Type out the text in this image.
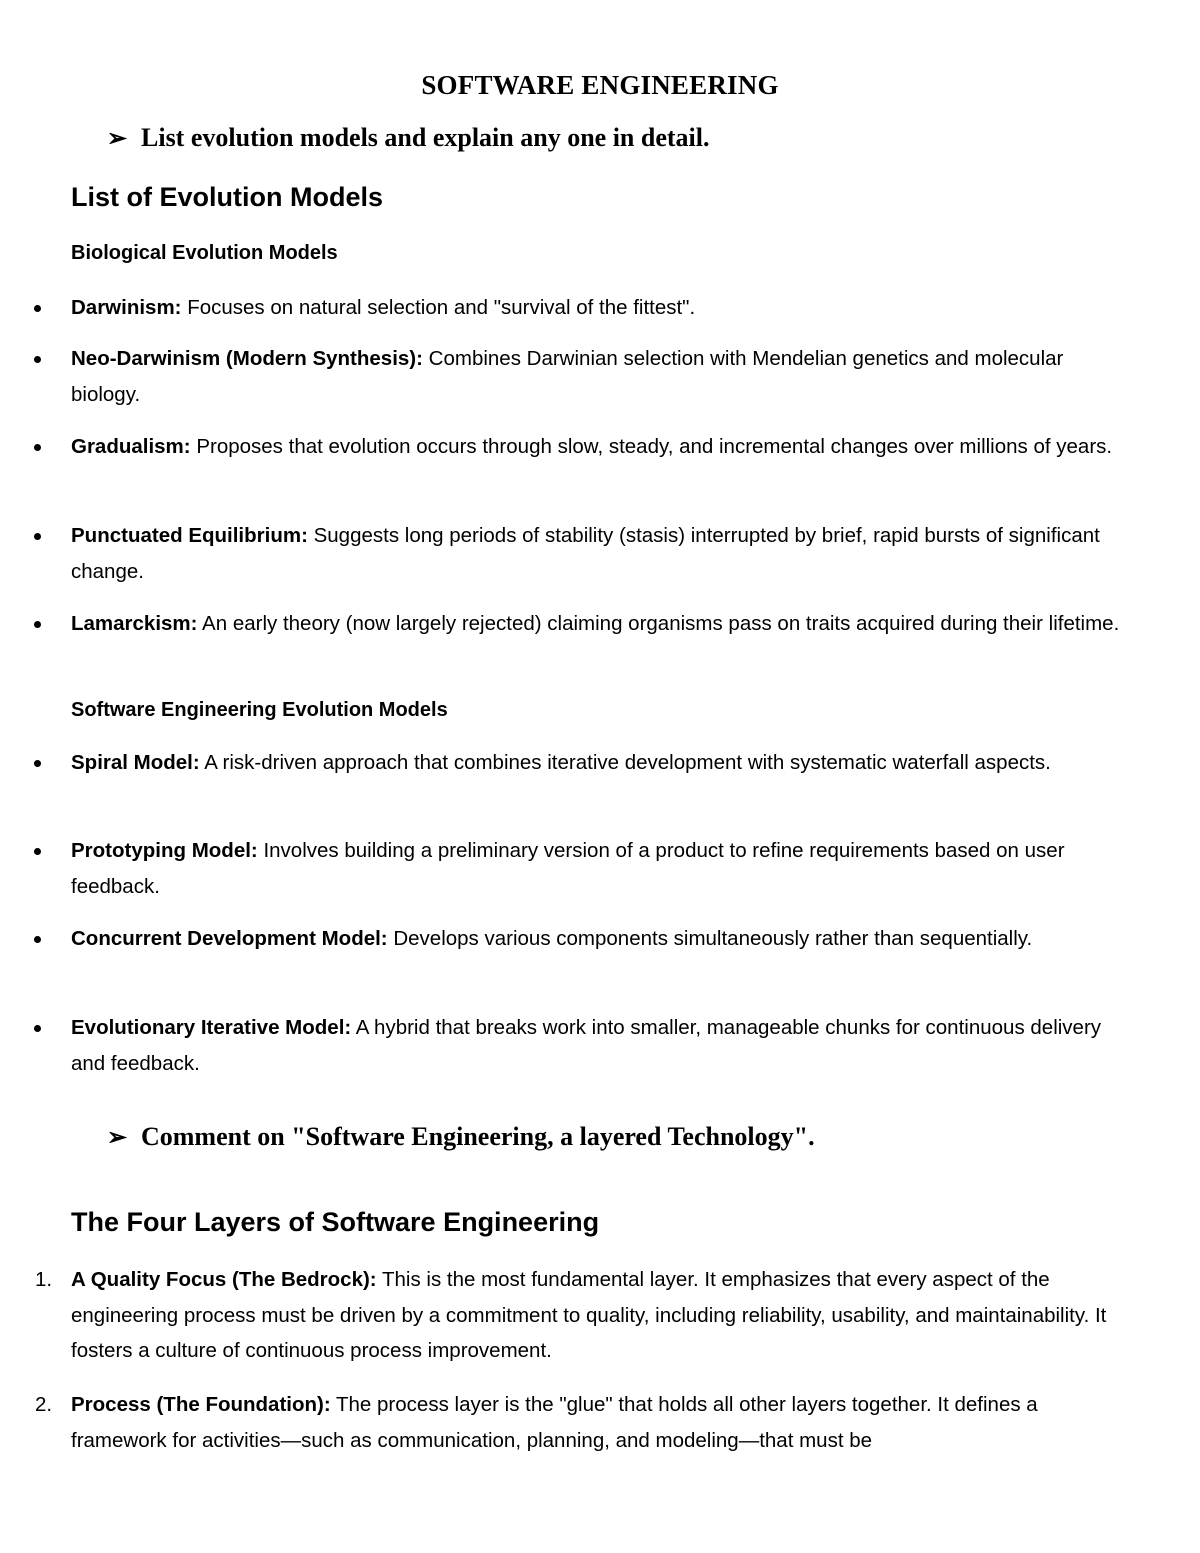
SOFTWARE ENGINEERING
➢ List evolution models and explain any one in detail.
List of Evolution Models
Biological Evolution Models
Darwinism: Focuses on natural selection and "survival of the fittest".
Neo-Darwinism (Modern Synthesis): Combines Darwinian selection with Mendelian genetics and molecular biology.
Gradualism: Proposes that evolution occurs through slow, steady, and incremental changes over millions of years.
Punctuated Equilibrium: Suggests long periods of stability (stasis) interrupted by brief, rapid bursts of significant change.
Lamarckism: An early theory (now largely rejected) claiming organisms pass on traits acquired during their lifetime.
Software Engineering Evolution Models
Spiral Model: A risk-driven approach that combines iterative development with systematic waterfall aspects.
Prototyping Model: Involves building a preliminary version of a product to refine requirements based on user feedback.
Concurrent Development Model: Develops various components simultaneously rather than sequentially.
Evolutionary Iterative Model: A hybrid that breaks work into smaller, manageable chunks for continuous delivery and feedback.
➢ Comment on "Software Engineering, a layered Technology".
The Four Layers of Software Engineering
1. A Quality Focus (The Bedrock): This is the most fundamental layer. It emphasizes that every aspect of the engineering process must be driven by a commitment to quality, including reliability, usability, and maintainability. It fosters a culture of continuous process improvement.
2. Process (The Foundation): The process layer is the "glue" that holds all other layers together. It defines a framework for activities—such as communication, planning, and modeling—that must be
